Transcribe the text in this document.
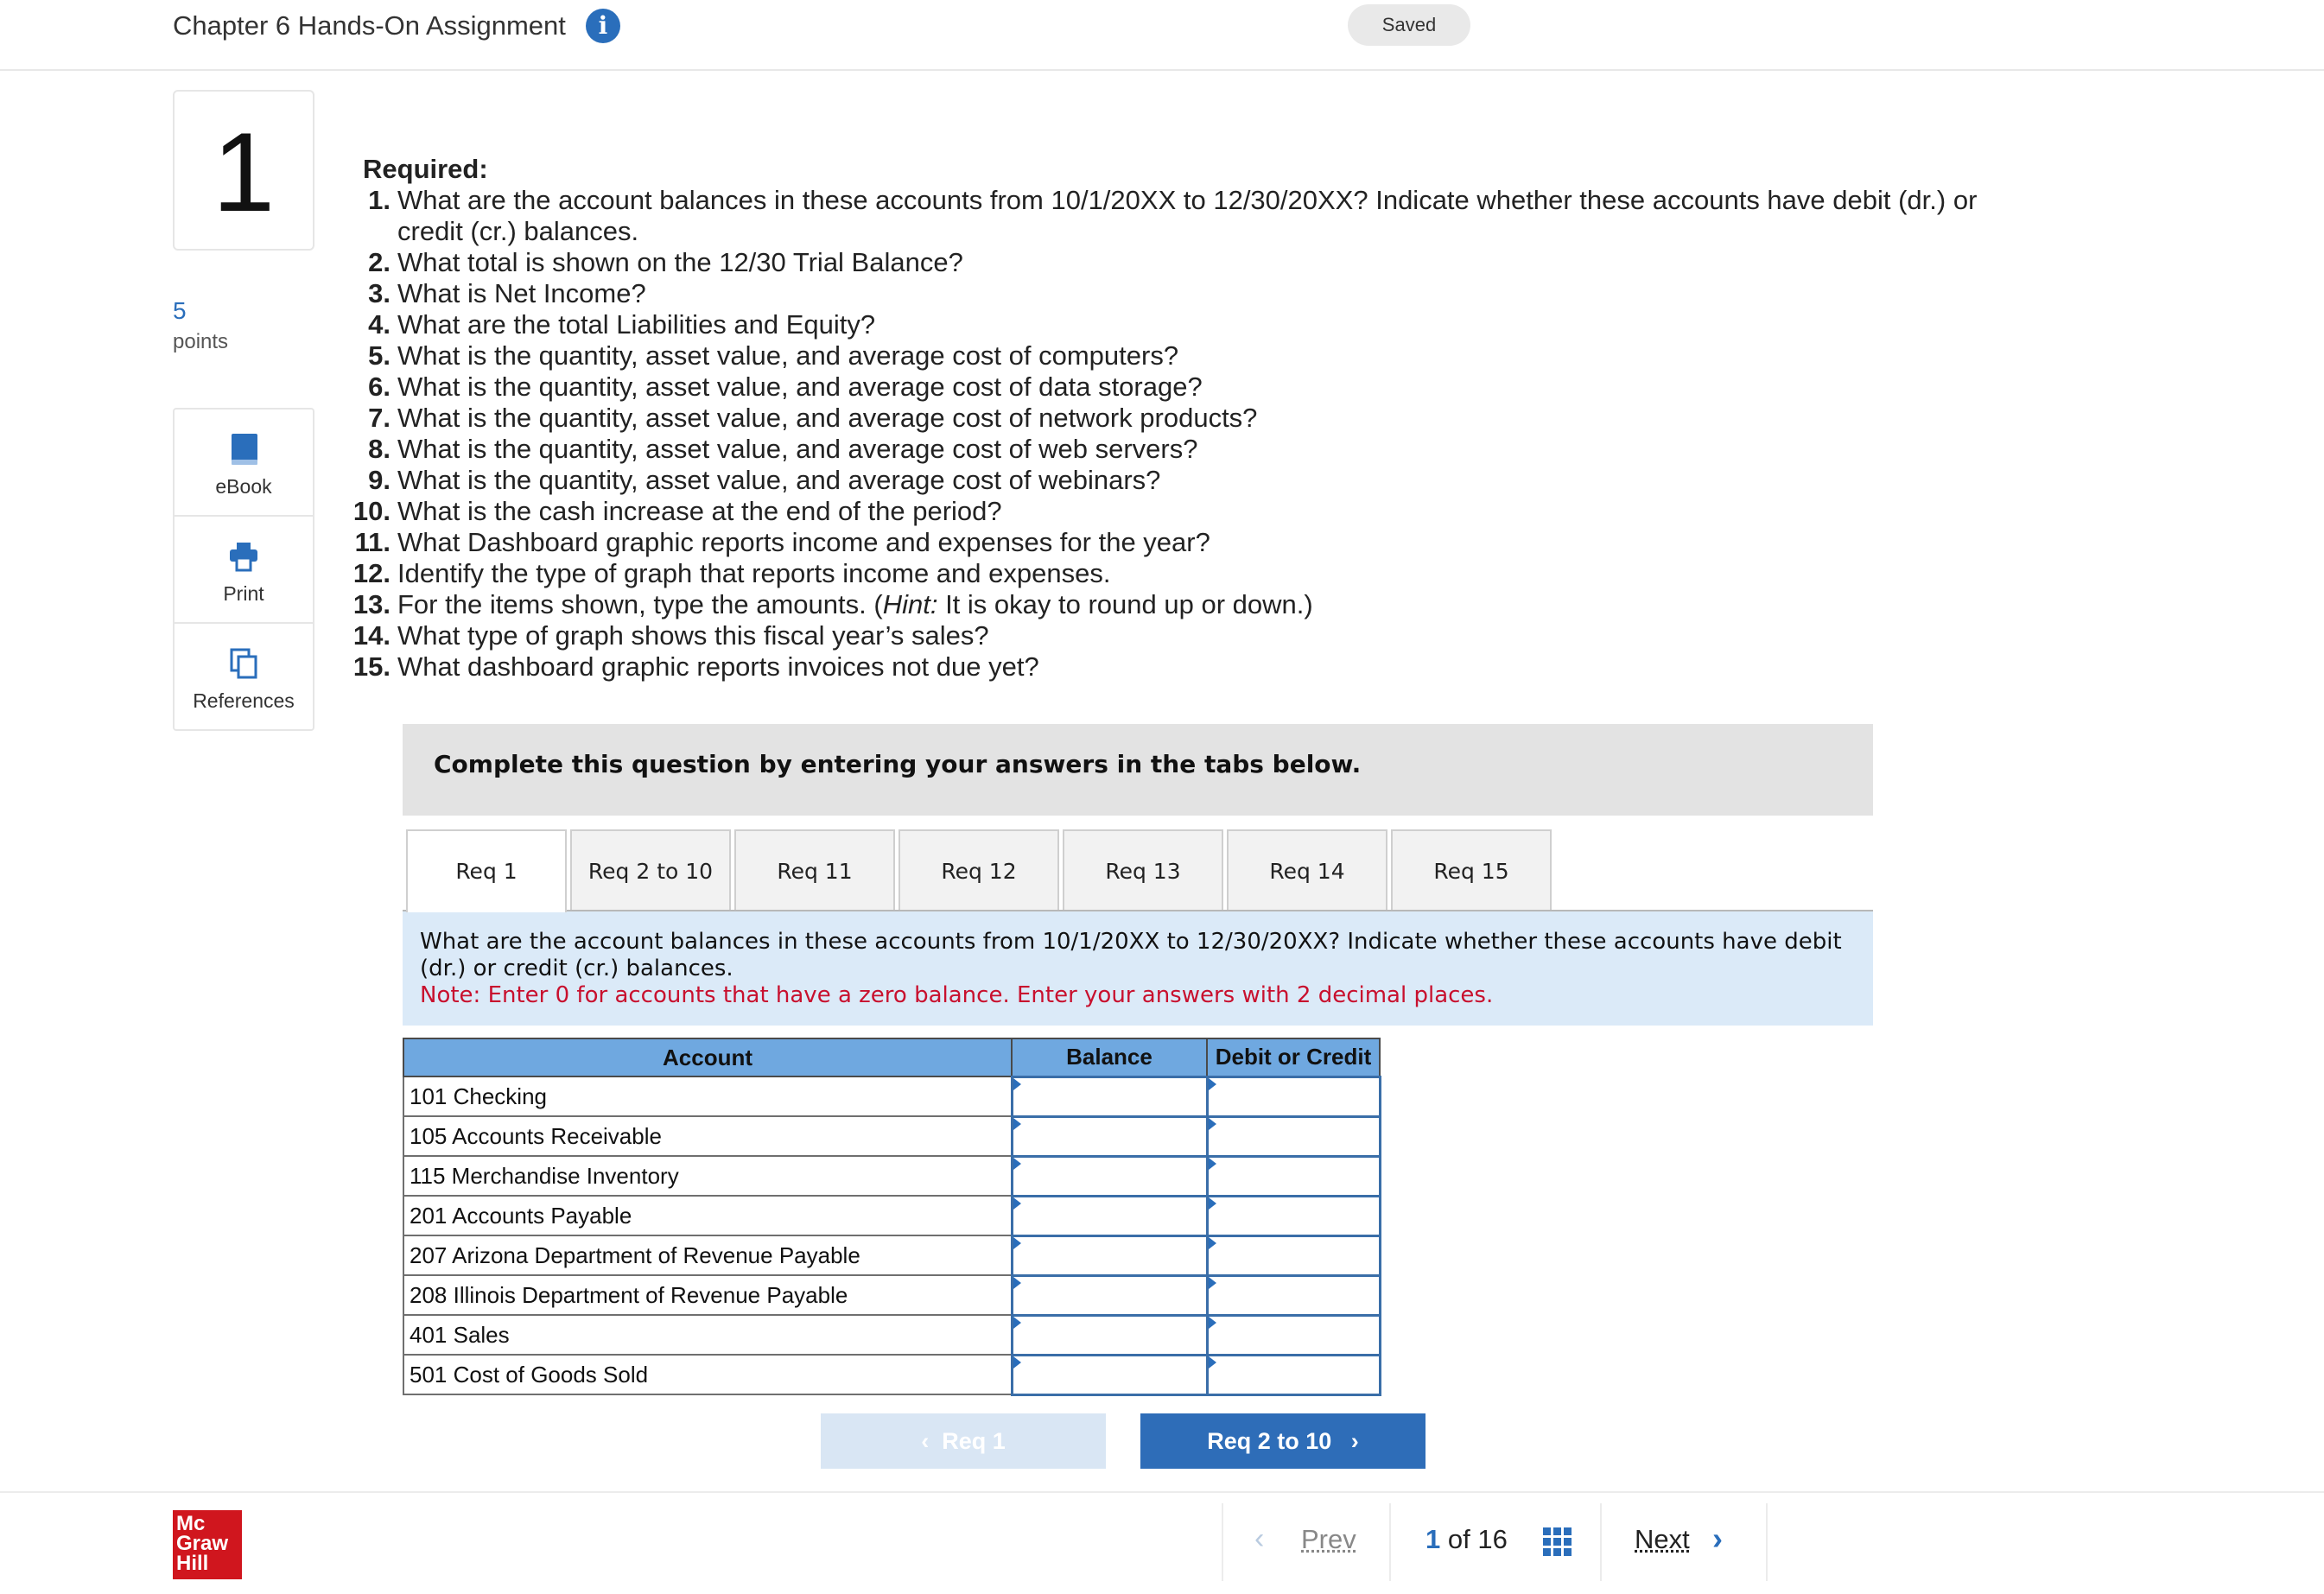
Chapter 6 Hands-On Assignment	i	Saved
1
5
points
eBook
Print
References
Required:
1. What are the account balances in these accounts from 10/1/20XX to 12/30/20XX? Indicate whether these accounts have debit (dr.) or credit (cr.) balances.
2. What total is shown on the 12/30 Trial Balance?
3. What is Net Income?
4. What are the total Liabilities and Equity?
5. What is the quantity, asset value, and average cost of computers?
6. What is the quantity, asset value, and average cost of data storage?
7. What is the quantity, asset value, and average cost of network products?
8. What is the quantity, asset value, and average cost of web servers?
9. What is the quantity, asset value, and average cost of webinars?
10. What is the cash increase at the end of the period?
11. What Dashboard graphic reports income and expenses for the year?
12. Identify the type of graph that reports income and expenses.
13. For the items shown, type the amounts. (Hint: It is okay to round up or down.)
14. What type of graph shows this fiscal year’s sales?
15. What dashboard graphic reports invoices not due yet?
Complete this question by entering your answers in the tabs below.
Req 1	Req 2 to 10	Req 11	Req 12	Req 13	Req 14	Req 15
What are the account balances in these accounts from 10/1/20XX to 12/30/20XX? Indicate whether these accounts have debit (dr.) or credit (cr.) balances.
Note: Enter 0 for accounts that have a zero balance. Enter your answers with 2 decimal places.
Account	Balance	Debit or Credit
101 Checking		
105 Accounts Receivable		
115 Merchandise Inventory		
201 Accounts Payable		
207 Arizona Department of Revenue Payable		
208 Illinois Department of Revenue Payable		
401 Sales		
501 Cost of Goods Sold		
‹  Req 1	Req 2 to 10   ›
Mc
Graw
Hill
‹ Prev	1 of 16	Next ›
